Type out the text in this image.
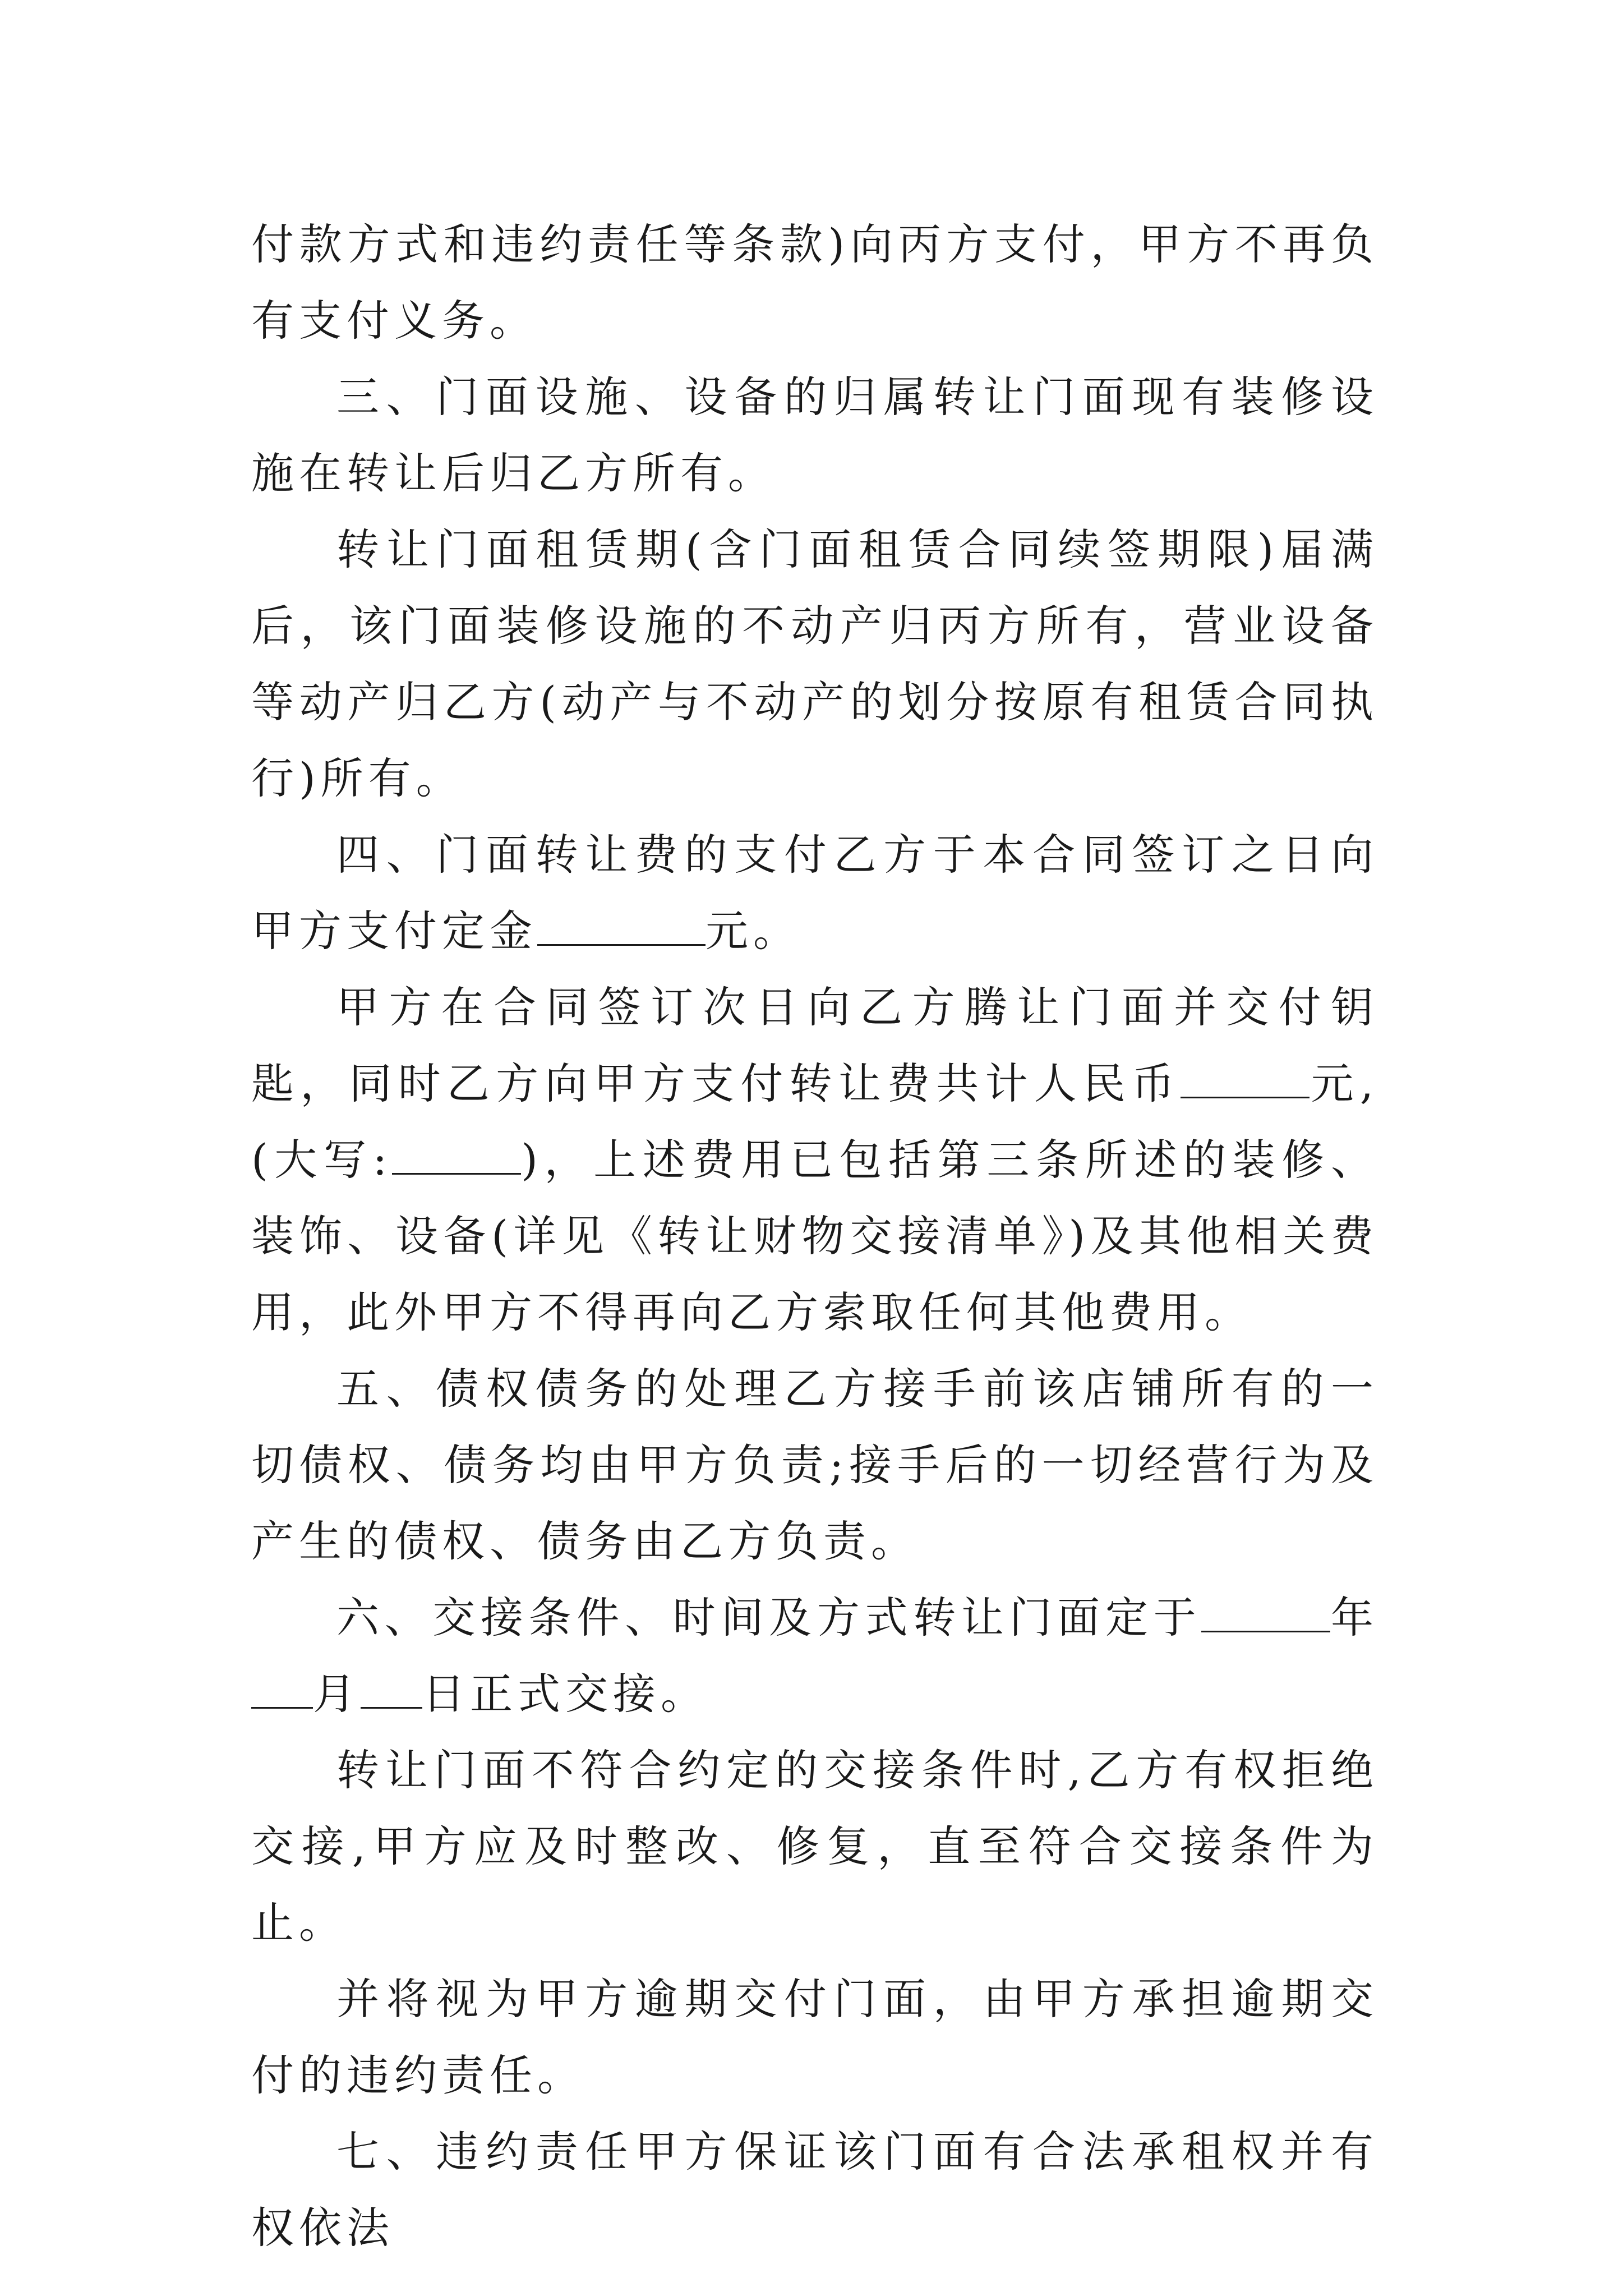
付款方式和违约责任等条款)向丙方支付，甲方不再负有支付义务。

三、门面设施、设备的归属转让门面现有装修设施在转让后归乙方所有。

转让门面租赁期(含门面租赁合同续签期限)届满后，该门面装修设施的不动产归丙方所有，营业设备等动产归乙方(动产与不动产的划分按原有租赁合同执行)所有。

四、门面转让费的支付乙方于本合同签订之日向甲方支付定金	元。

甲方在合同签订次日向乙方腾让门面并交付钥匙，同时乙方向甲方支付转让费共计人民币	元,(大写:	)，上述费用已包括第三条所述的装修、装饰、设备(详见《转让财物交接清单》)及其他相关费用，此外甲方不得再向乙方索取任何其他费用。

五、债权债务的处理乙方接手前该店铺所有的一切债权、债务均由甲方负责;接手后的一切经营行为及产生的债权、债务由乙方负责。

六、交接条件、时间及方式转让门面定于	年月 日正式交接。

转让门面不符合约定的交接条件时,乙方有权拒绝交接,甲方应及时整改、修复，直至符合交接条件为止。

并将视为甲方逾期交付门面，由甲方承担逾期交付的违约责任。

七、违约责任甲方保证该门面有合法承租权并有权依法
